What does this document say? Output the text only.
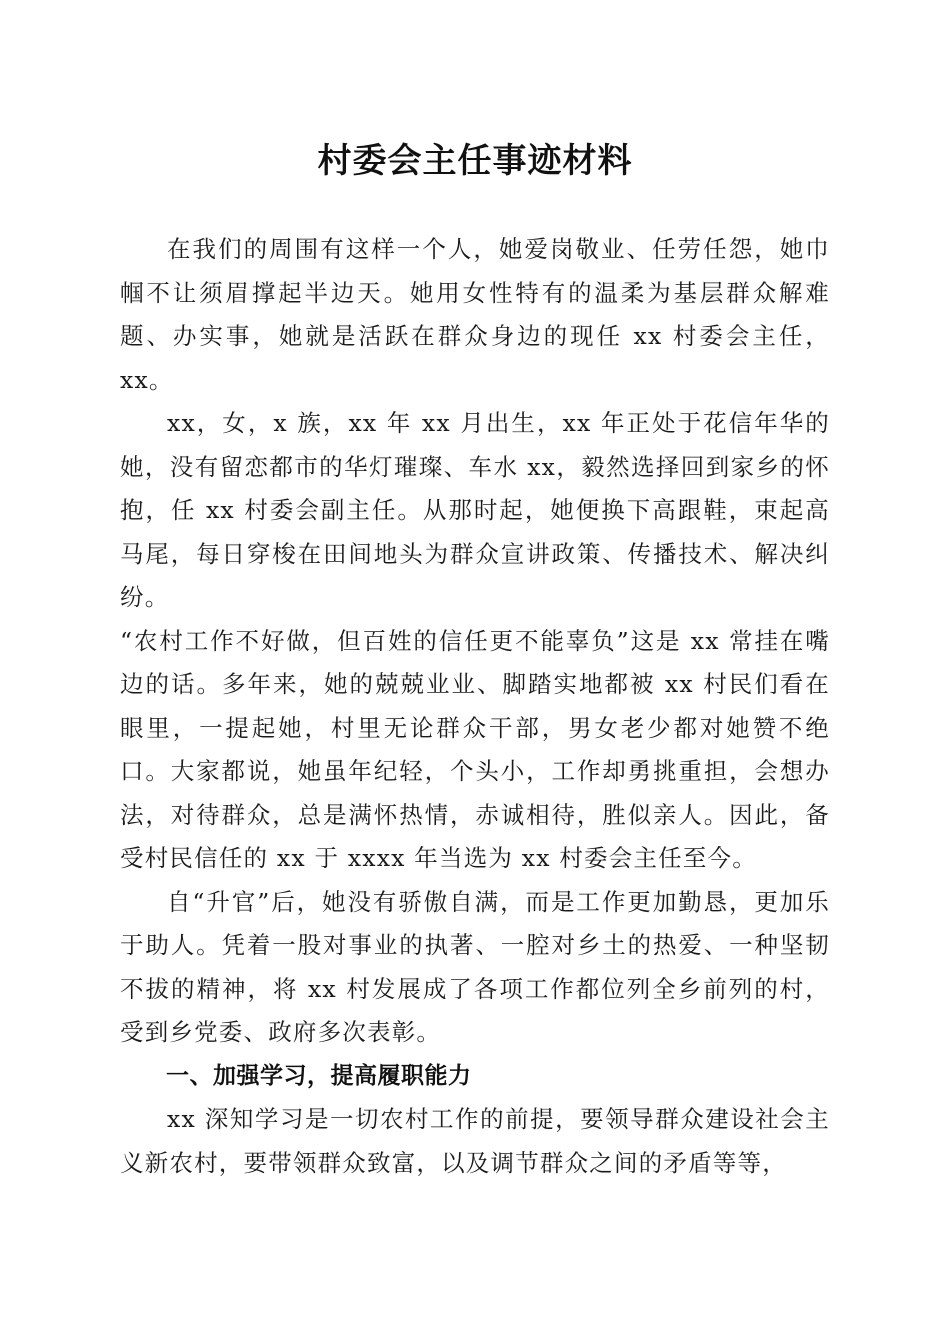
村委会主任事迹材料

在我们的周围有这样一个人，她爱岗敬业、任劳任怨，她巾帼不让须眉撑起半边天。她用女性特有的温柔为基层群众解难题、办实事，她就是活跃在群众身边的现任 xx 村委会主任，xx。

xx，女，x 族，xx 年 xx 月出生，xx 年正处于花信年华的她，没有留恋都市的华灯璀璨、车水 xx，毅然选择回到家乡的怀抱，任 xx 村委会副主任。从那时起，她便换下高跟鞋，束起高马尾，每日穿梭在田间地头为群众宣讲政策、传播技术、解决纠纷。

“农村工作不好做，但百姓的信任更不能辜负”这是 xx 常挂在嘴边的话。多年来，她的兢兢业业、脚踏实地都被 xx 村民们看在眼里，一提起她，村里无论群众干部，男女老少都对她赞不绝口。大家都说，她虽年纪轻，个头小，工作却勇挑重担，会想办法，对待群众，总是满怀热情，赤诚相待，胜似亲人。因此，备受村民信任的 xx 于 xxxx 年当选为 xx 村委会主任至今。

自“升官”后，她没有骄傲自满，而是工作更加勤恳，更加乐于助人。凭着一股对事业的执著、一腔对乡土的热爱、一种坚韧不拔的精神，将 xx 村发展成了各项工作都位列全乡前列的村，受到乡党委、政府多次表彰。

一、加强学习，提高履职能力

xx 深知学习是一切农村工作的前提，要领导群众建设社会主义新农村，要带领群众致富，以及调节群众之间的矛盾等等，
